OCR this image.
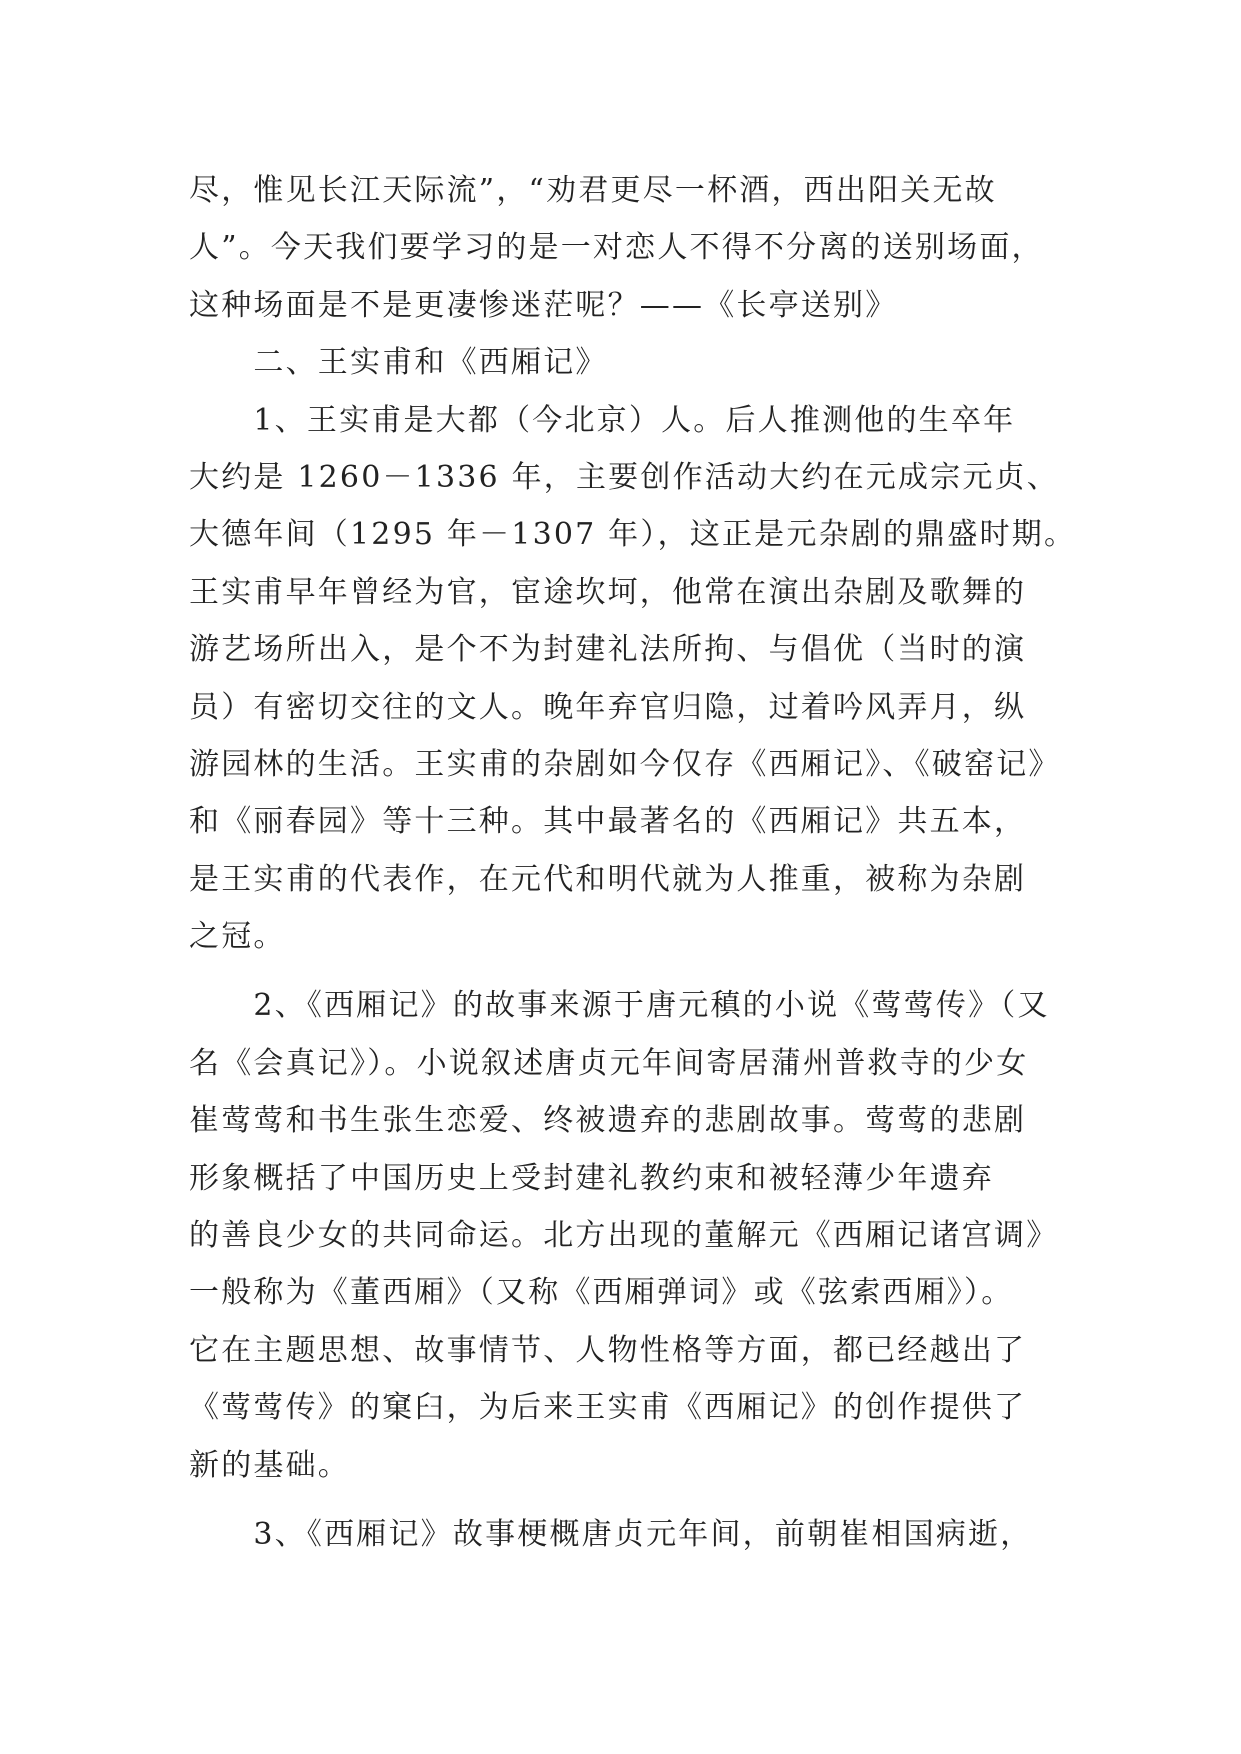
尽，惟见长江天际流”，“劝君更尽一杯酒，西出阳关无故
人”。今天我们要学习的是一对恋人不得不分离的送别场面，
这种场面是不是更凄惨迷茫呢？——《长亭送别》
　　二、王实甫和《西厢记》
　　1、王实甫是大都（今北京）人。后人推测他的生卒年
大约是 1260－1336 年，主要创作活动大约在元成宗元贞、
大德年间（1295 年－1307 年），这正是元杂剧的鼎盛时期。
王实甫早年曾经为官，宦途坎坷，他常在演出杂剧及歌舞的
游艺场所出入，是个不为封建礼法所拘、与倡优（当时的演
员）有密切交往的文人。晚年弃官归隐，过着吟风弄月，纵
游园林的生活。王实甫的杂剧如今仅存《西厢记》、《破窑记》
和《丽春园》等十三种。其中最著名的《西厢记》共五本，
是王实甫的代表作，在元代和明代就为人推重，被称为杂剧
之冠。
　　2、《西厢记》的故事来源于唐元稹的小说《莺莺传》（又
名《会真记》）。小说叙述唐贞元年间寄居蒲州普救寺的少女
崔莺莺和书生张生恋爱、终被遗弃的悲剧故事。莺莺的悲剧
形象概括了中国历史上受封建礼教约束和被轻薄少年遗弃
的善良少女的共同命运。北方出现的董解元《西厢记诸宫调》
一般称为《董西厢》（又称《西厢弹词》或《弦索西厢》）。
它在主题思想、故事情节、人物性格等方面，都已经越出了
《莺莺传》的窠臼，为后来王实甫《西厢记》的创作提供了
新的基础。
　　3、《西厢记》故事梗概唐贞元年间，前朝崔相国病逝，
